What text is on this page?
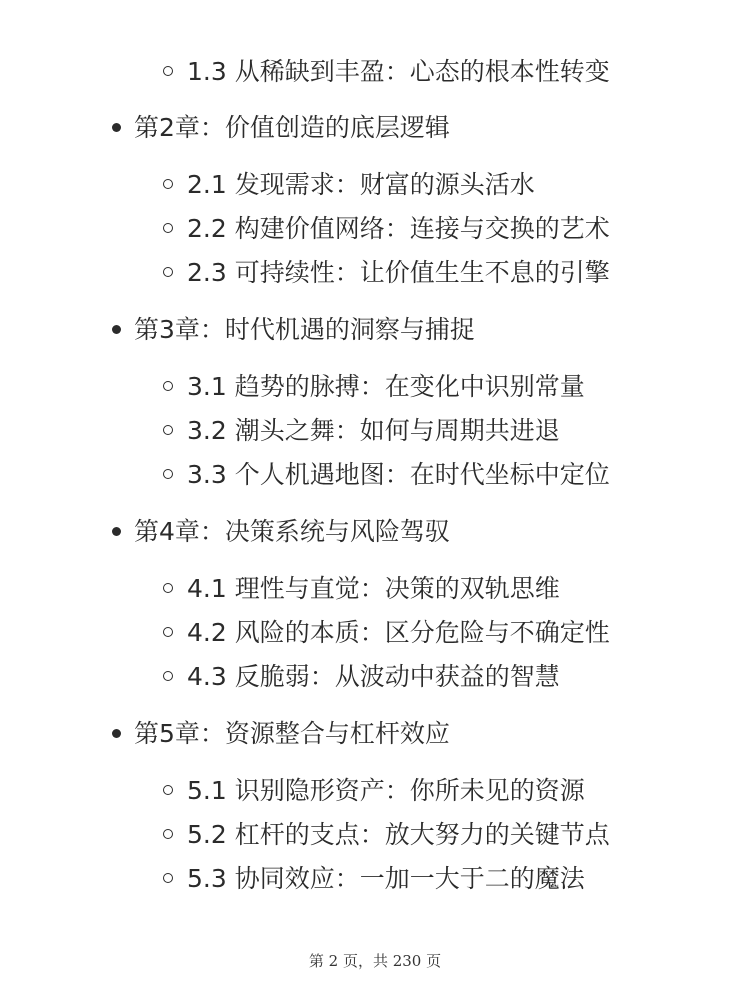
1.3 从稀缺到丰盈：心态的根本性转变
第2章：价值创造的底层逻辑
2.1 发现需求：财富的源头活水
2.2 构建价值网络：连接与交换的艺术
2.3 可持续性：让价值生生不息的引擎
第3章：时代机遇的洞察与捕捉
3.1 趋势的脉搏：在变化中识别常量
3.2 潮头之舞：如何与周期共进退
3.3 个人机遇地图：在时代坐标中定位
第4章：决策系统与风险驾驭
4.1 理性与直觉：决策的双轨思维
4.2 风险的本质：区分危险与不确定性
4.3 反脆弱：从波动中获益的智慧
第5章：资源整合与杠杆效应
5.1 识别隐形资产：你所未见的资源
5.2 杠杆的支点：放大努力的关键节点
5.3 协同效应：一加一大于二的魔法
第 2 页，共 230 页
